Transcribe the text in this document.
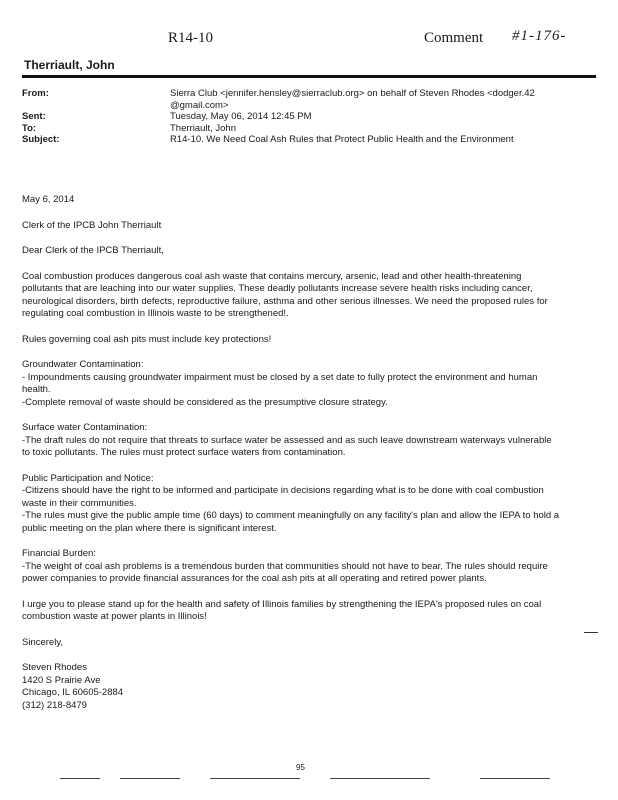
R14-10	Comment #1-176-
Therriault, John
From:	Sierra Club <jennifer.hensley@sierraclub.org> on behalf of Steven Rhodes <dodger.42
@gmail.com>
Sent:	Tuesday, May 06, 2014 12:45 PM
To:	Therriault, John
Subject:	R14-10. We Need Coal Ash Rules that Protect Public Health and the Environment

May 6, 2014

Clerk of the IPCB John Therriault

Dear Clerk of the IPCB Therriault,

Coal combustion produces dangerous coal ash waste that contains mercury, arsenic, lead and other health-threatening pollutants that are leaching into our water supplies. These deadly pollutants increase severe health risks including cancer, neurological disorders, birth defects, reproductive failure, asthma and other serious illnesses. We need the proposed rules for regulating coal combustion in Illinois waste to be strengthened!.

Rules governing coal ash pits must include key protections!

Groundwater Contamination:
- Impoundments causing groundwater impairment must be closed by a set date to fully protect the environment and human health.
-Complete removal of waste should be considered as the presumptive closure strategy.
Surface water Contamination:
-The draft rules do not require that threats to surface water be assessed and as such leave downstream waterways vulnerable to toxic pollutants. The rules must protect surface waters from contamination.
Public Participation and Notice:
-Citizens should have the right to be informed and participate in decisions regarding what is to be done with coal combustion waste in their communities.
-The rules must give the public ample time (60 days) to comment meaningfully on any facility's plan and allow the IEPA to hold a public meeting on the plan where there is significant interest.
Financial Burden:
-The weight of coal ash problems is a tremendous burden that communities should not have to bear. The rules should require power companies to provide financial assurances for the coal ash pits at all operating and retired power plants.

I urge you to please stand up for the health and safety of Illinois families by strengthening the IEPA's proposed rules on coal combustion waste at power plants in Illinois!

Sincerely,

Steven Rhodes
1420 S Prairie Ave
Chicago, IL 60605-2884
(312) 218-8479
95
